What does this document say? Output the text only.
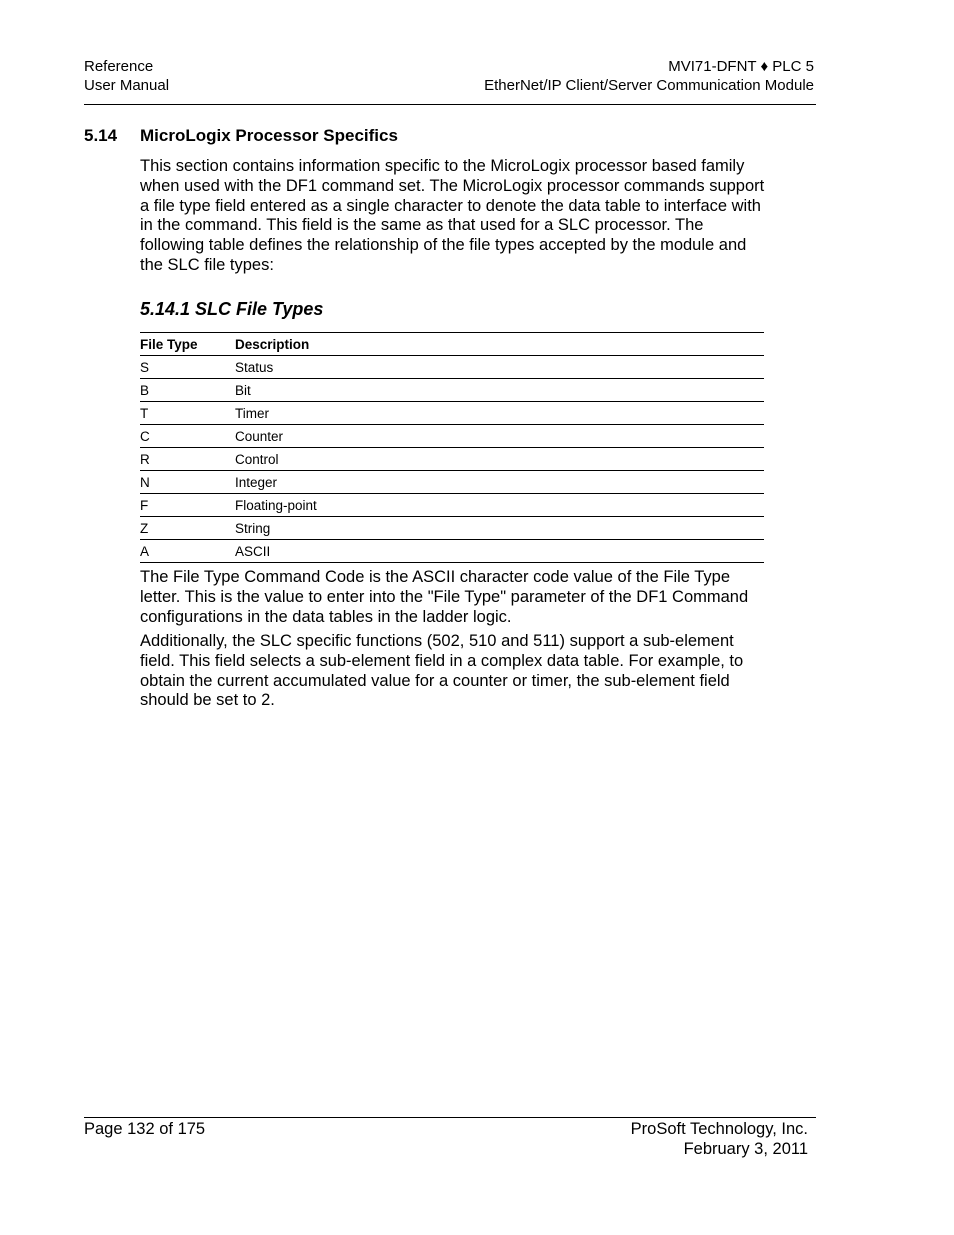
Reference
User Manual
MVI71-DFNT ♦ PLC 5
EtherNet/IP Client/Server Communication Module
5.14 MicroLogix Processor Specifics

This section contains information specific to the MicroLogix processor based family when used with the DF1 command set. The MicroLogix processor commands support a file type field entered as a single character to denote the data table to interface with in the command. This field is the same as that used for a SLC processor. The following table defines the relationship of the file types accepted by the module and the SLC file types:

5.14.1 SLC File Types
File Type	Description
S	Status
B	Bit
T	Timer
C	Counter
R	Control
N	Integer
F	Floating-point
Z	String
A	ASCII

The File Type Command Code is the ASCII character code value of the File Type letter. This is the value to enter into the "File Type" parameter of the DF1 Command configurations in the data tables in the ladder logic.

Additionally, the SLC specific functions (502, 510 and 511) support a sub-element field. This field selects a sub-element field in a complex data table. For example, to obtain the current accumulated value for a counter or timer, the sub-element field should be set to 2.

Page 132 of 175	ProSoft Technology, Inc.
February 3, 2011
